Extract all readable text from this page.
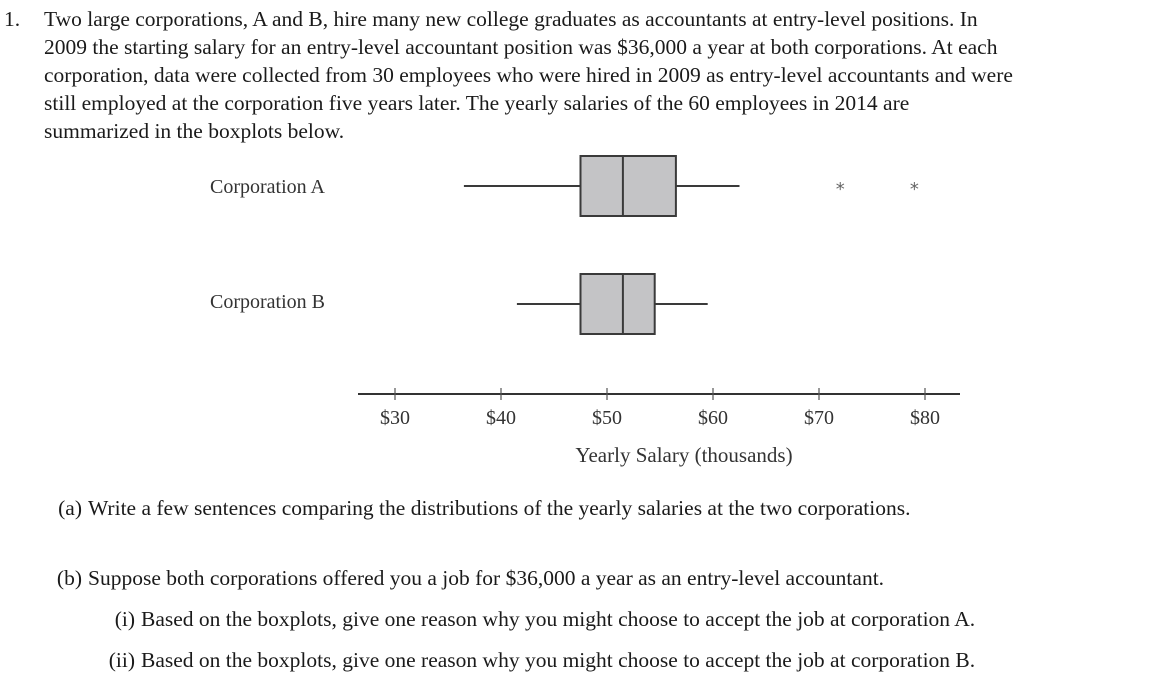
1. Two large corporations, A and B, hire many new college graduates as accountants at entry-level positions. In
2009 the starting salary for an entry-level accountant position was $36,000 a year at both corporations. At each
corporation, data were collected from 30 employees who were hired in 2009 as entry-level accountants and were
still employed at the corporation five years later. The yearly salaries of the 60 employees in 2014 are
summarized in the boxplots below.
Corporation A	*	*
Corporation B
$30	$40	$50	$60	$70	$80
Yearly Salary (thousands)
(a) Write a few sentences comparing the distributions of the yearly salaries at the two corporations.
(b) Suppose both corporations offered you a job for $36,000 a year as an entry-level accountant.
(i) Based on the boxplots, give one reason why you might choose to accept the job at corporation A.
(ii) Based on the boxplots, give one reason why you might choose to accept the job at corporation B.
